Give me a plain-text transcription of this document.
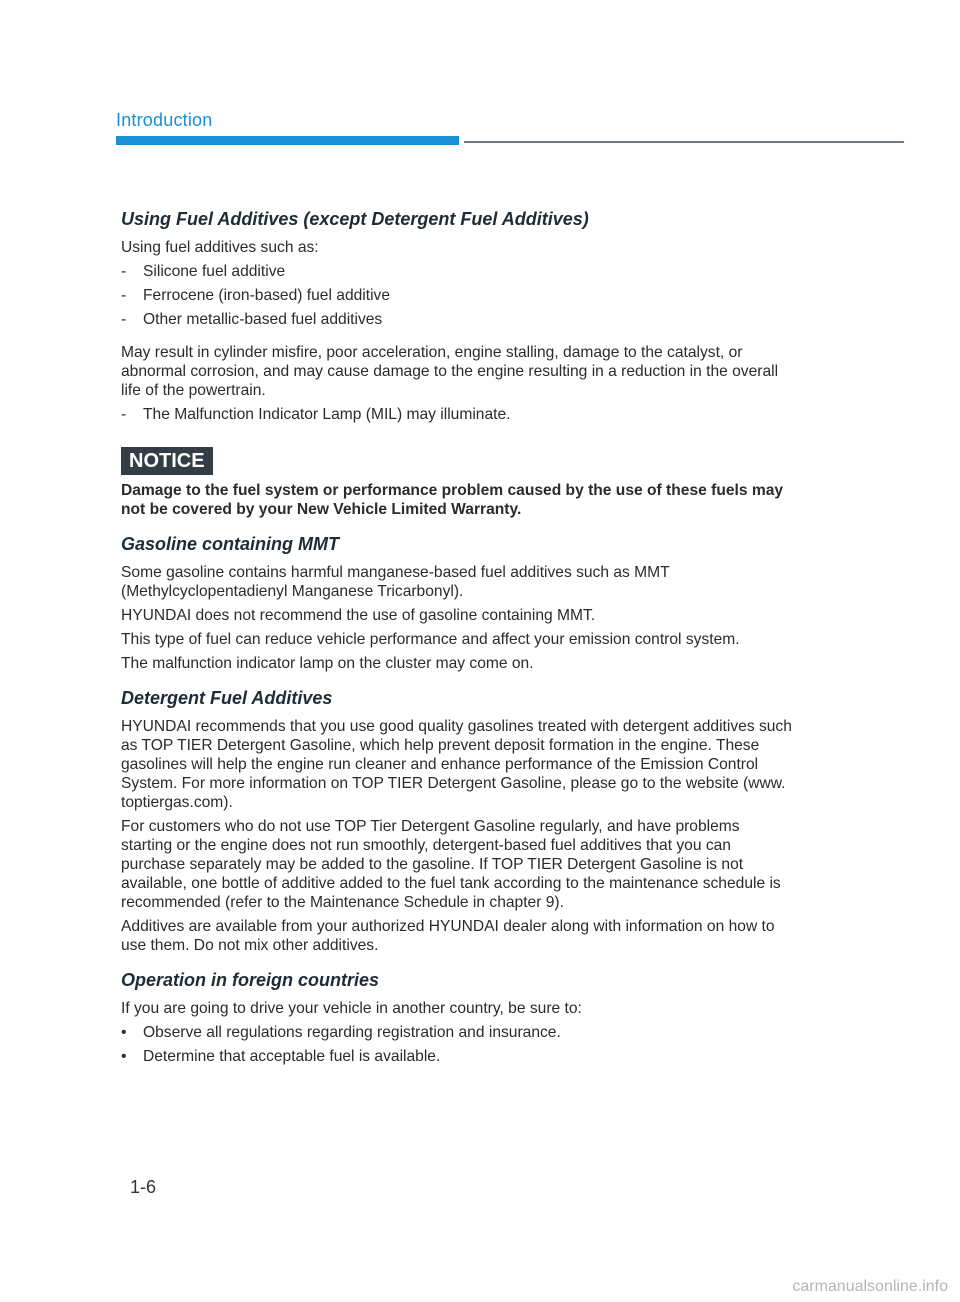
Introduction
Using Fuel Additives (except Detergent Fuel Additives)

Using fuel additives such as:

- Silicone fuel additive
- Ferrocene (iron-based) fuel additive
- Other metallic-based fuel additives

May result in cylinder misfire, poor acceleration, engine stalling, damage to the catalyst, or abnormal corrosion, and may cause damage to the engine resulting in a reduction in the overall life of the powertrain.

- The Malfunction Indicator Lamp (MIL) may illuminate.
NOTICE

Damage to the fuel system or performance problem caused by the use of these fuels may not be covered by your New Vehicle Limited Warranty.

Gasoline containing MMT

Some gasoline contains harmful manganese-based fuel additives such as MMT (Methylcyclopentadienyl Manganese Tricarbonyl).

HYUNDAI does not recommend the use of gasoline containing MMT.

This type of fuel can reduce vehicle performance and affect your emission control system.

The malfunction indicator lamp on the cluster may come on.

Detergent Fuel Additives

HYUNDAI recommends that you use good quality gasolines treated with detergent additives such as TOP TIER Detergent Gasoline, which help prevent deposit formation in the engine. These gasolines will help the engine run cleaner and enhance performance of the Emission Control System. For more information on TOP TIER Detergent Gasoline, please go to the website (www. toptiergas.com).

For customers who do not use TOP Tier Detergent Gasoline regularly, and have problems starting or the engine does not run smoothly, detergent-based fuel additives that you can purchase separately may be added to the gasoline. If TOP TIER Detergent Gasoline is not available, one bottle of additive added to the fuel tank according to the maintenance schedule is recommended (refer to the Maintenance Schedule in chapter 9).

Additives are available from your authorized HYUNDAI dealer along with information on how to use them. Do not mix other additives.

Operation in foreign countries

If you are going to drive your vehicle in another country, be sure to:

• Observe all regulations regarding registration and insurance.
• Determine that acceptable fuel is available.
1-6
carmanualsonline.info
